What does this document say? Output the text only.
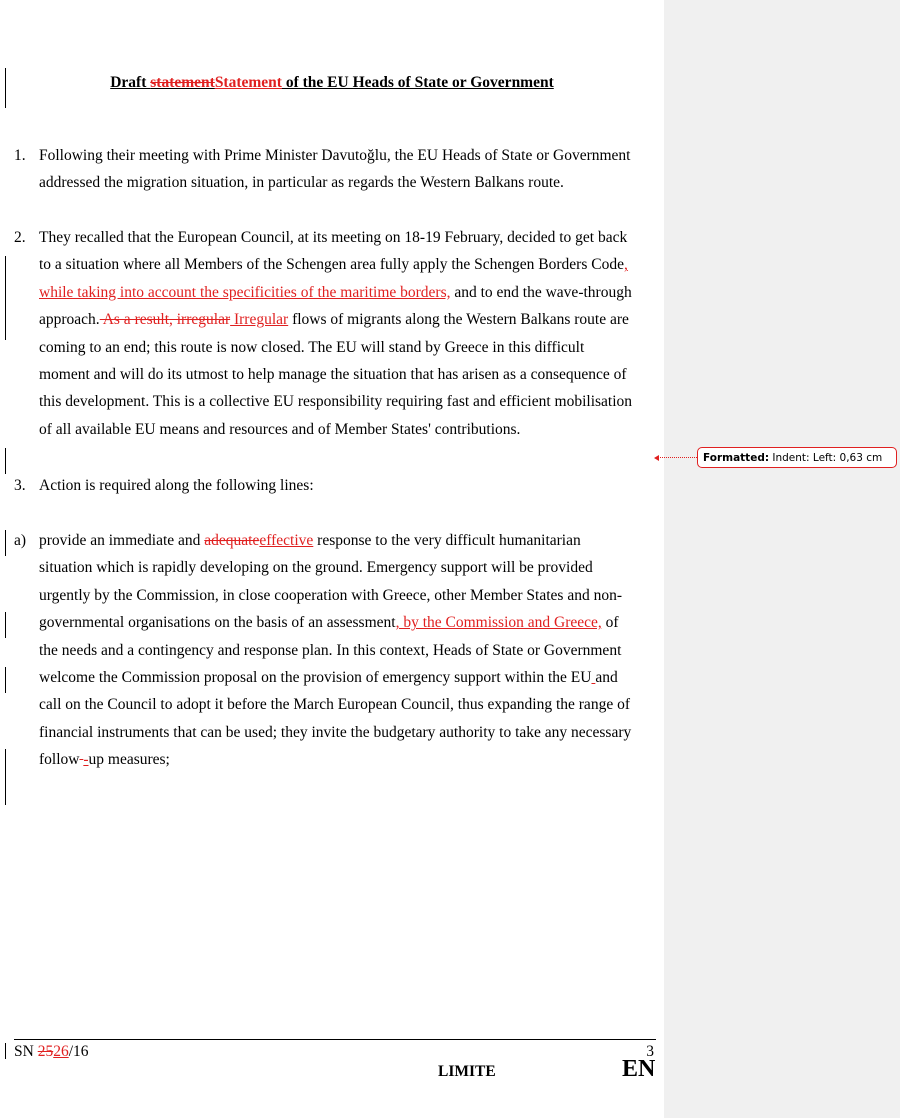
Draft statementStatement of the EU Heads of State or Government
1. Following their meeting with Prime Minister Davutoğlu, the EU Heads of State or Government
addressed the migration situation, in particular as regards the Western Balkans route.
2. They recalled that the European Council, at its meeting on 18-19 February, decided to get back
to a situation where all Members of the Schengen area fully apply the Schengen Borders Code,
while taking into account the specificities of the maritime borders, and to end the wave-through
approach. As a result, irregular Irregular flows of migrants along the Western Balkans route are
coming to an end; this route is now closed. The EU will stand by Greece in this difficult
moment and will do its utmost to help manage the situation that has arisen as a consequence of
this development. This is a collective EU responsibility requiring fast and efficient mobilisation
of all available EU means and resources and of Member States' contributions.
3. Action is required along the following lines:
a) provide an immediate and adequateeffective response to the very difficult humanitarian
situation which is rapidly developing on the ground. Emergency support will be provided
urgently by the Commission, in close cooperation with Greece, other Member States and non-
governmental organisations on the basis of an assessment, by the Commission and Greece, of
the needs and a contingency and response plan. In this context, Heads of State or Government
welcome the Commission proposal on the provision of emergency support within the EU and
call on the Council to adopt it before the March European Council, thus expanding the range of
financial instruments that can be used; they invite the budgetary authority to take any necessary
follow -up measures;
SN 2526/16	3
LIMITE	EN
Formatted: Indent: Left: 0,63 cm
